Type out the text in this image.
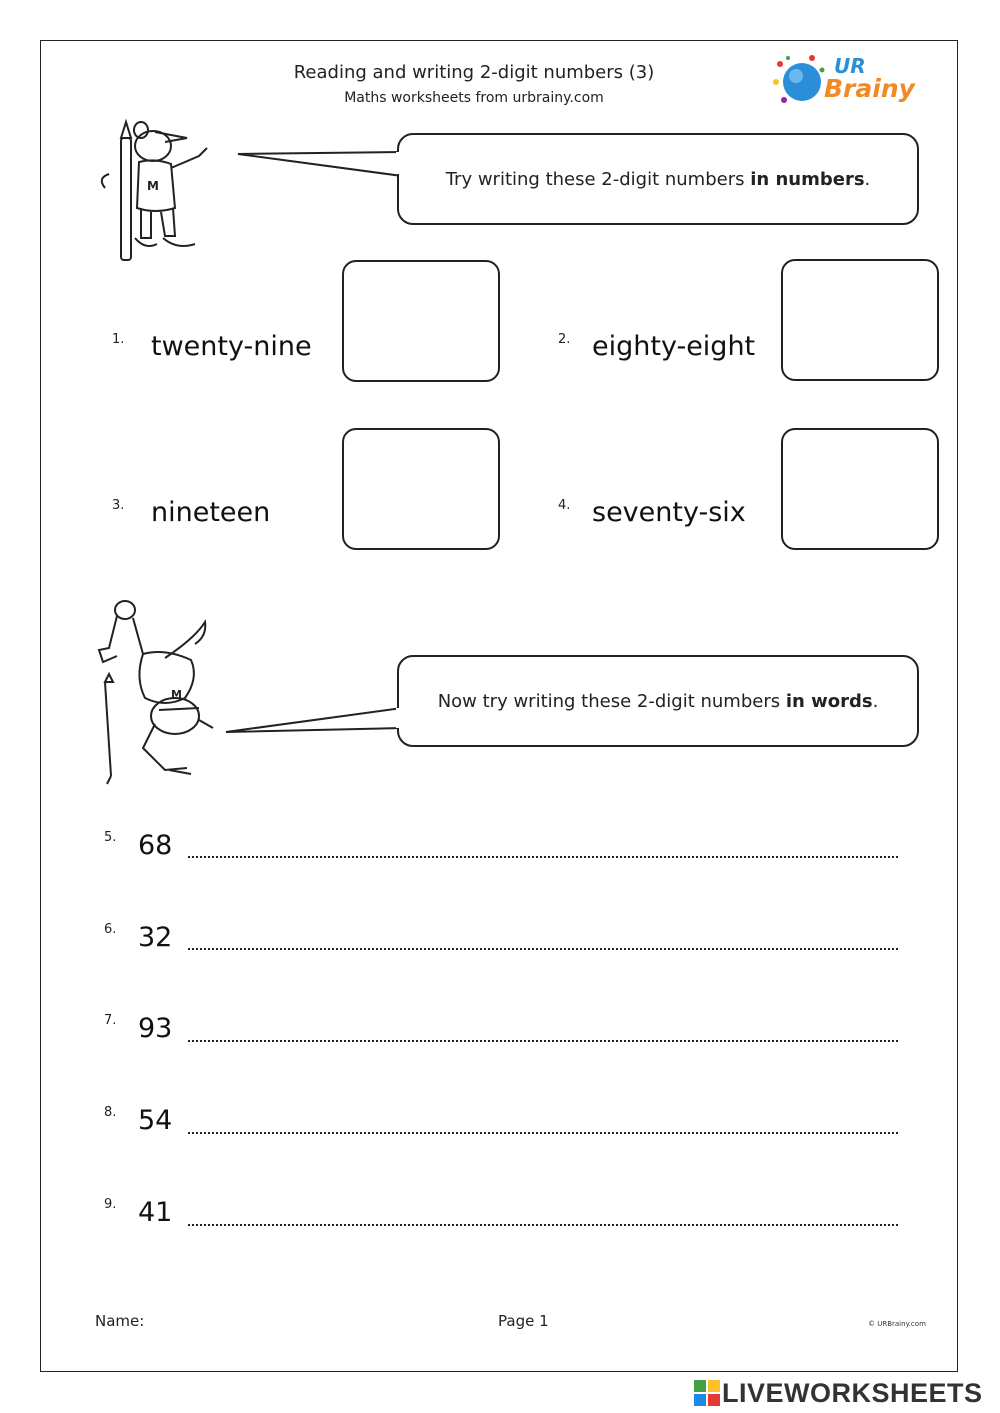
Reading and writing 2-digit numbers (3)
Maths worksheets from urbrainy.com
UR
Brainy
M	Try writing these 2-digit numbers in numbers.
1. twenty-nine	2. eighty-eight
3. nineteen	4. seventy-six
M	Now try writing these 2-digit numbers in words.
5. 68
6. 32
7. 93
8. 54
9. 41
Name:	Page 1	© URBrainy.com
LIVEWORKSHEETS
